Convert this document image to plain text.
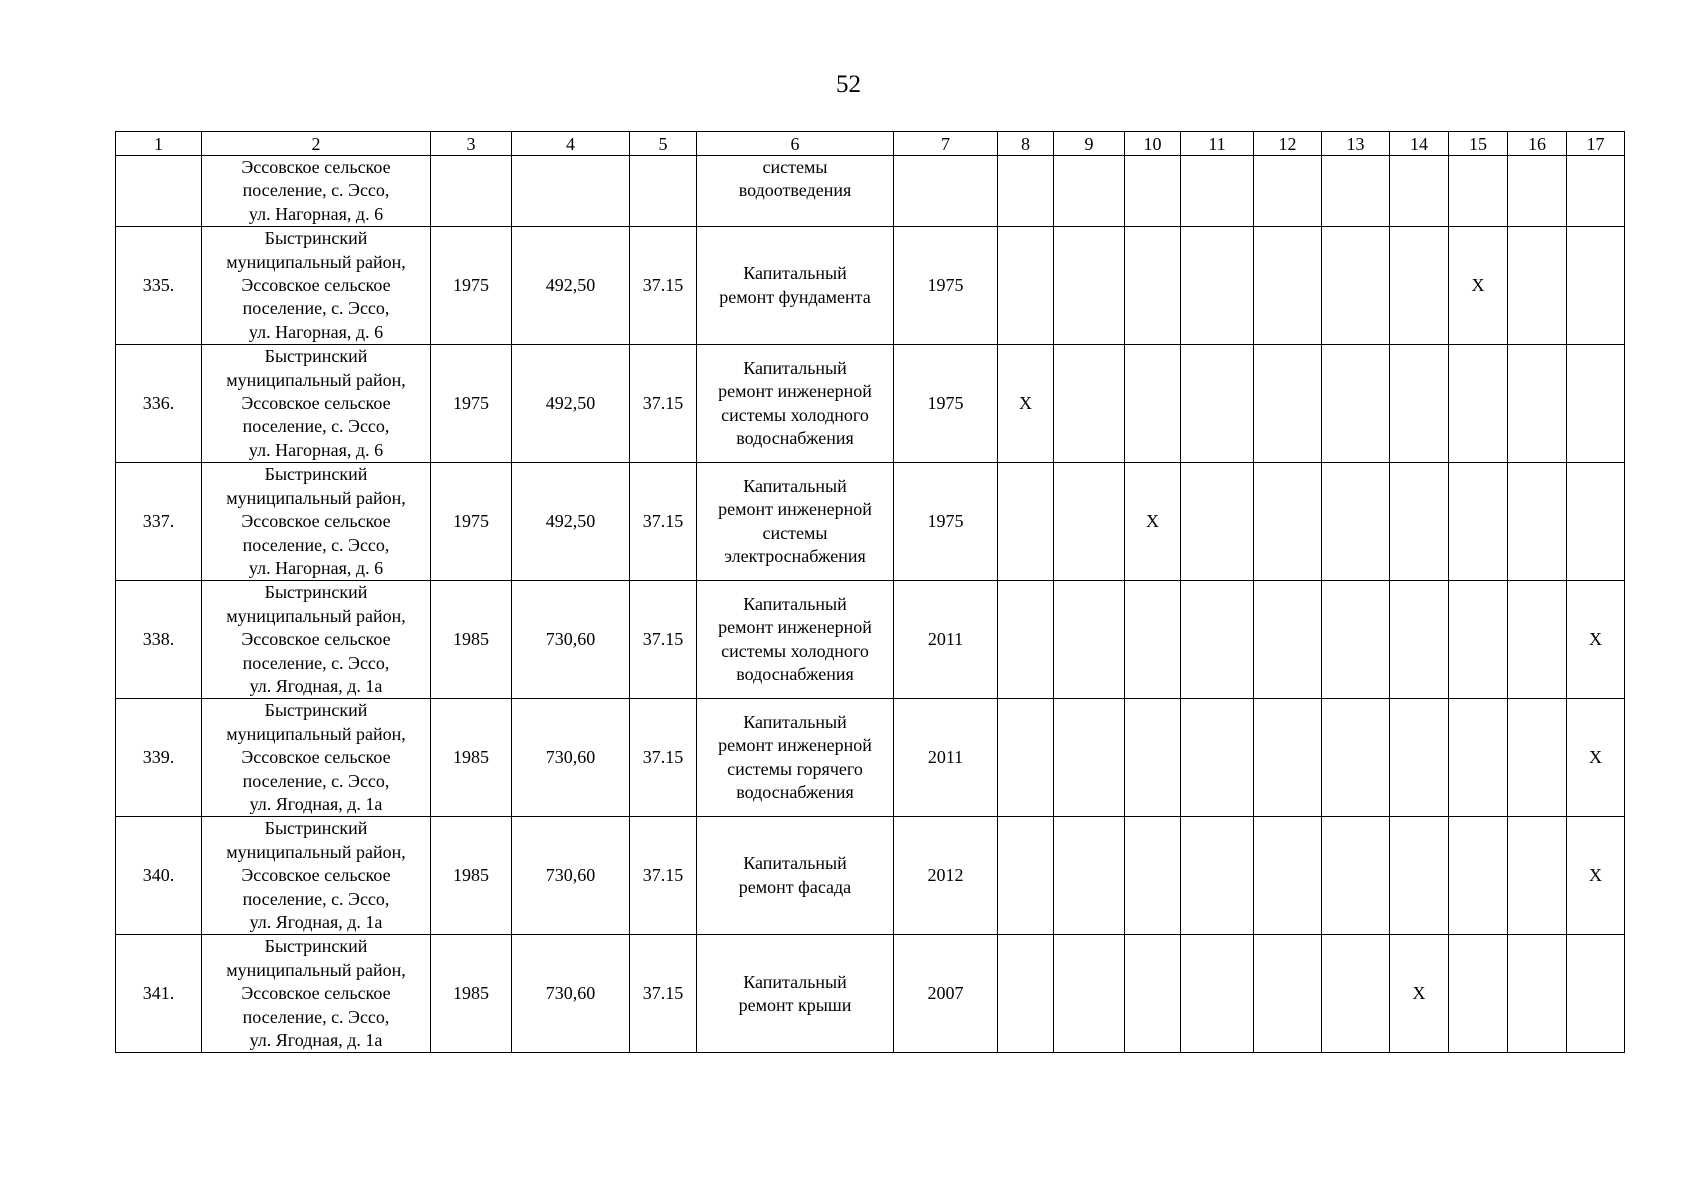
52
1	2	3	4	5	6	7	8	9	10	11	12	13	14	15	16	17

	Эссовское сельское
поселение, с. Эссо,
ул. Нагорная, д. 6				системы
водоотведения											

335.	Быстринский
муниципальный район,
Эссовское сельское
поселение, с. Эссо,
ул. Нагорная, д. 6	1975	492,50	37.15	Капитальный
ремонт фундамента	1975								X		
336.	Быстринский
муниципальный район,
Эссовское сельское
поселение, с. Эссо,
ул. Нагорная, д. 6	1975	492,50	37.15	Капитальный
ремонт инженерной
системы холодного
водоснабжения	1975	X									
337.	Быстринский
муниципальный район,
Эссовское сельское
поселение, с. Эссо,
ул. Нагорная, д. 6	1975	492,50	37.15	Капитальный
ремонт инженерной
системы
электроснабжения	1975			X							
338.	Быстринский
муниципальный район,
Эссовское сельское
поселение, с. Эссо,
ул. Ягодная, д. 1а	1985	730,60	37.15	Капитальный
ремонт инженерной
системы холодного
водоснабжения	2011										X
339.	Быстринский
муниципальный район,
Эссовское сельское
поселение, с. Эссо,
ул. Ягодная, д. 1а	1985	730,60	37.15	Капитальный
ремонт инженерной
системы горячего
водоснабжения	2011										X
340.	Быстринский
муниципальный район,
Эссовское сельское
поселение, с. Эссо,
ул. Ягодная, д. 1а	1985	730,60	37.15	Капитальный
ремонт фасада	2012										X
341.	Быстринский
муниципальный район,
Эссовское сельское
поселение, с. Эссо,
ул. Ягодная, д. 1а	1985	730,60	37.15	Капитальный
ремонт крыши	2007							X			
